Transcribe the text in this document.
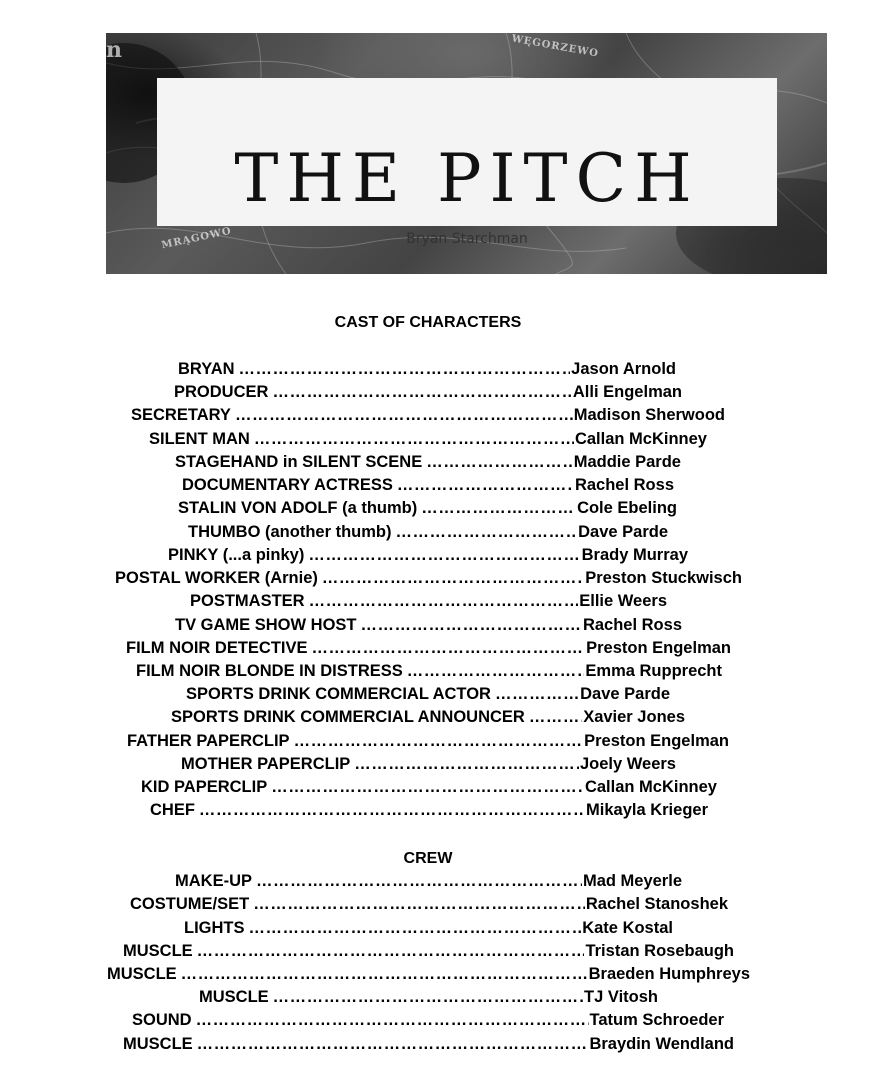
WĘGORZEWO
MRĄGOWO
n
THE PITCH
Bryan Starchman
CAST OF CHARACTERS
BRYAN ……………………………………………………………………………………………………………………	Jason Arnold
PRODUCER ……………………………………………………………………………………………………………………	Alli Engelman
SECRETARY ……………………………………………………………………………………………………………………	Madison Sherwood
SILENT MAN ……………………………………………………………………………………………………………………	Callan McKinney
STAGEHAND in SILENT SCENE ……………………………………………………………………………………………………………………	Maddie Parde
DOCUMENTARY ACTRESS ……………………………………………………………………………………………………………………	Rachel Ross
STALIN VON ADOLF (a thumb) ……………………………………………………………………………………………………………………	Cole Ebeling
THUMBO (another thumb) ……………………………………………………………………………………………………………………	Dave Parde
PINKY (...a pinky) ……………………………………………………………………………………………………………………	Brady Murray
POSTAL WORKER (Arnie) ……………………………………………………………………………………………………………………	Preston Stuckwisch
POSTMASTER ……………………………………………………………………………………………………………………	Ellie Weers
TV GAME SHOW HOST ……………………………………………………………………………………………………………………	Rachel Ross
FILM NOIR DETECTIVE ……………………………………………………………………………………………………………………	Preston Engelman
FILM NOIR BLONDE IN DISTRESS ……………………………………………………………………………………………………………………	Emma Rupprecht
SPORTS DRINK COMMERCIAL ACTOR ……………………………………………………………………………………………………………………	Dave Parde
SPORTS DRINK COMMERCIAL ANNOUNCER ……………………………………………………………………………………………………………………	Xavier Jones
FATHER PAPERCLIP ……………………………………………………………………………………………………………………	Preston Engelman
MOTHER PAPERCLIP ……………………………………………………………………………………………………………………	Joely Weers
KID PAPERCLIP ……………………………………………………………………………………………………………………	Callan McKinney
CHEF ……………………………………………………………………………………………………………………	Mikayla Krieger
CREW
MAKE-UP ……………………………………………………………………………………………………………………	Mad Meyerle
COSTUME/SET ……………………………………………………………………………………………………………………	Rachel Stanoshek
LIGHTS ……………………………………………………………………………………………………………………	Kate Kostal
MUSCLE ……………………………………………………………………………………………………………………	Tristan Rosebaugh
MUSCLE ……………………………………………………………………………………………………………………	Braeden Humphreys
MUSCLE ……………………………………………………………………………………………………………………	TJ Vitosh
SOUND ……………………………………………………………………………………………………………………	Tatum Schroeder
MUSCLE ……………………………………………………………………………………………………………………	Braydin Wendland
